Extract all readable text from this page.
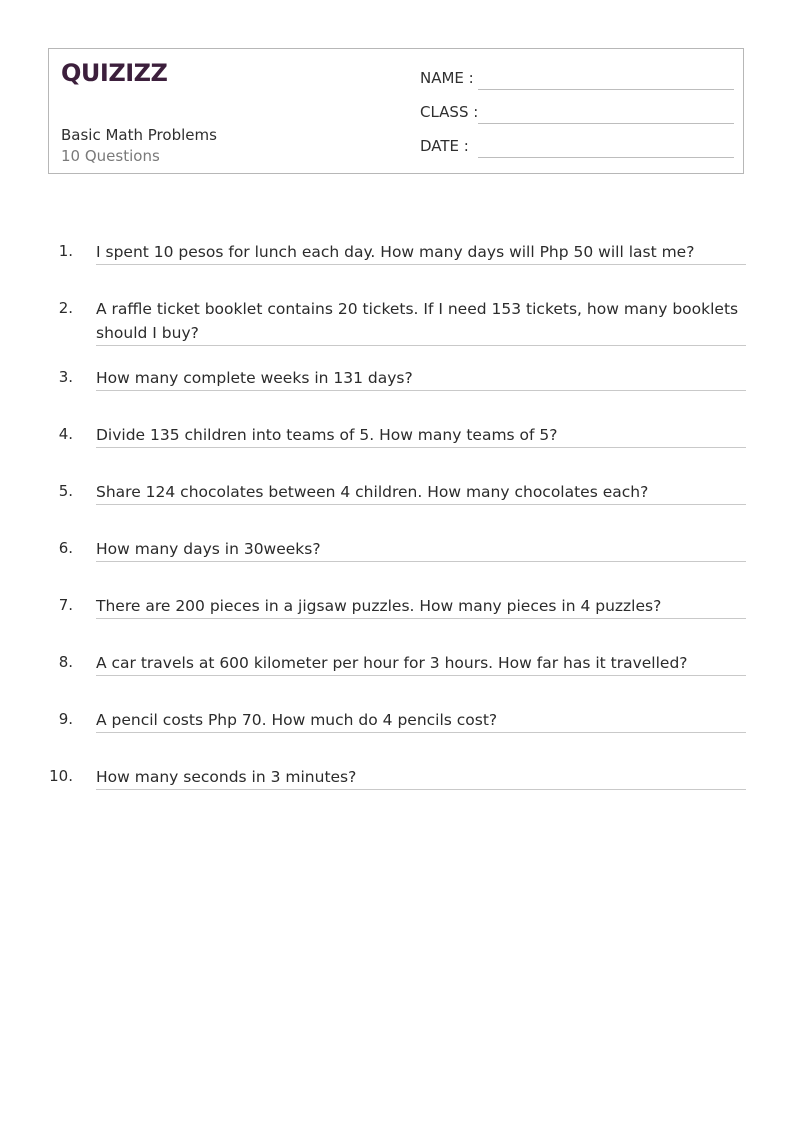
QUIZIZZ
Basic Math Problems
10 Questions
NAME :
CLASS :
DATE :
1. I spent 10 pesos for lunch each day. How many days will Php 50 will last me?
2. A raffle ticket booklet contains 20 tickets. If I need 153 tickets, how many booklets should I buy?
3. How many complete weeks in 131 days?
4. Divide 135 children into teams of 5. How many teams of 5?
5. Share 124 chocolates between 4 children. How many chocolates each?
6. How many days in 30weeks?
7. There are 200 pieces in a jigsaw puzzles. How many pieces in 4 puzzles?
8. A car travels at 600 kilometer per hour for 3 hours. How far has it travelled?
9. A pencil costs Php 70. How much do 4 pencils cost?
10. How many seconds in 3 minutes?
